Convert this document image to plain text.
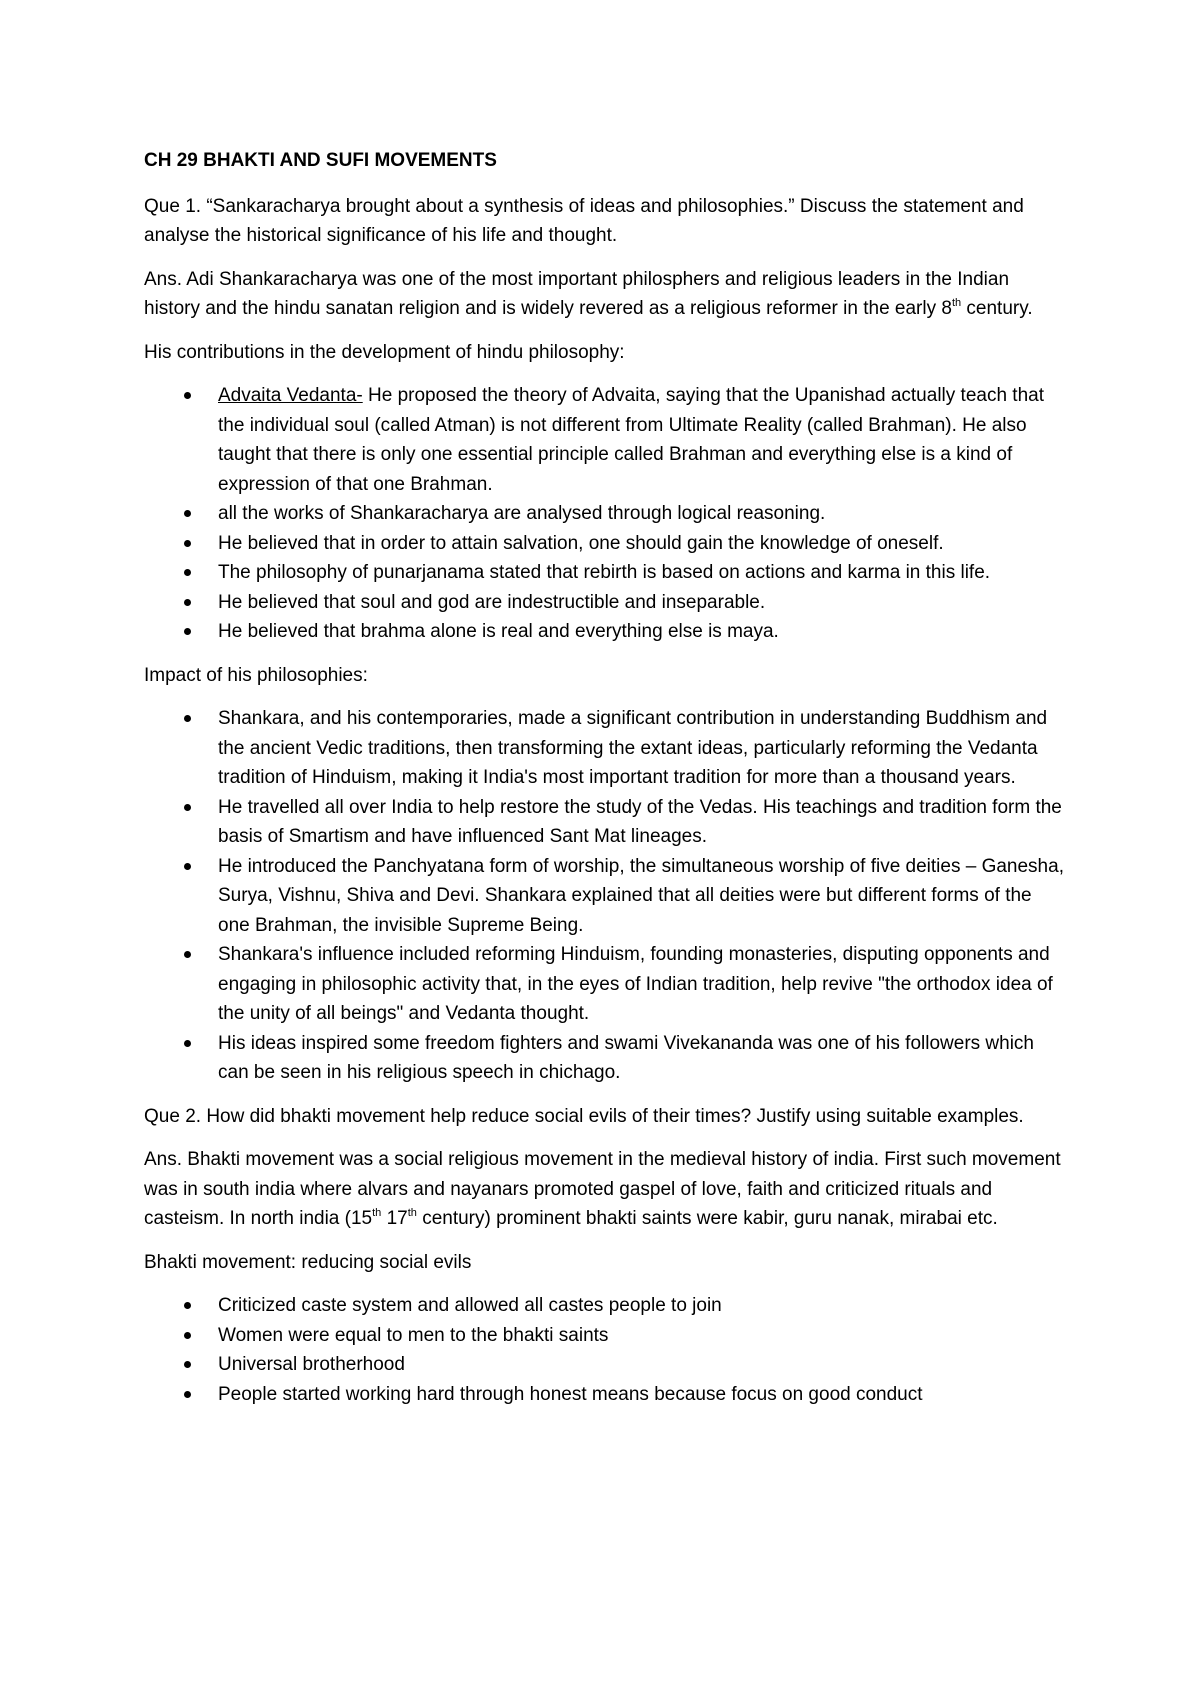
CH 29 BHAKTI AND SUFI MOVEMENTS

Que 1. “Sankaracharya brought about a synthesis of ideas and philosophies.” Discuss the statement and analyse the historical significance of his life and thought.

Ans. Adi Shankaracharya was one of the most important philosphers and religious leaders in the Indian history and the hindu sanatan religion and is widely revered as a religious reformer in the early 8th century.

His contributions in the development of hindu philosophy:

Advaita Vedanta- He proposed the theory of Advaita, saying that the Upanishad actually teach that the individual soul (called Atman) is not different from Ultimate Reality (called Brahman). He also taught that there is only one essential principle called Brahman and everything else is a kind of expression of that one Brahman.
all the works of Shankaracharya are analysed through logical reasoning.
He believed that in order to attain salvation, one should gain the knowledge of oneself.
The philosophy of punarjanama stated that rebirth is based on actions and karma in this life.
He believed that soul and god are indestructible and inseparable.
He believed that brahma alone is real and everything else is maya.

Impact of his philosophies:

Shankara, and his contemporaries, made a significant contribution in understanding Buddhism and the ancient Vedic traditions, then transforming the extant ideas, particularly reforming the Vedanta tradition of Hinduism, making it India's most important tradition for more than a thousand years.
He travelled all over India to help restore the study of the Vedas. His teachings and tradition form the basis of Smartism and have influenced Sant Mat lineages.
He introduced the Panchyatana form of worship, the simultaneous worship of five deities – Ganesha, Surya, Vishnu, Shiva and Devi. Shankara explained that all deities were but different forms of the one Brahman, the invisible Supreme Being.
Shankara's influence included reforming Hinduism, founding monasteries, disputing opponents and engaging in philosophic activity that, in the eyes of Indian tradition, help revive "the orthodox idea of the unity of all beings" and Vedanta thought.
His ideas inspired some freedom fighters and swami Vivekananda was one of his followers which can be seen in his religious speech in chichago.

Que 2. How did bhakti movement help reduce social evils of their times? Justify using suitable examples.

Ans. Bhakti movement was a social religious movement in the medieval history of india. First such movement was in south india where alvars and nayanars promoted gaspel of love, faith and criticized rituals and casteism. In north india (15th 17th century) prominent bhakti saints were kabir, guru nanak, mirabai etc.

Bhakti movement: reducing social evils

Criticized caste system and allowed all castes people to join
Women were equal to men to the bhakti saints
Universal brotherhood
People started working hard through honest means because focus on good conduct
